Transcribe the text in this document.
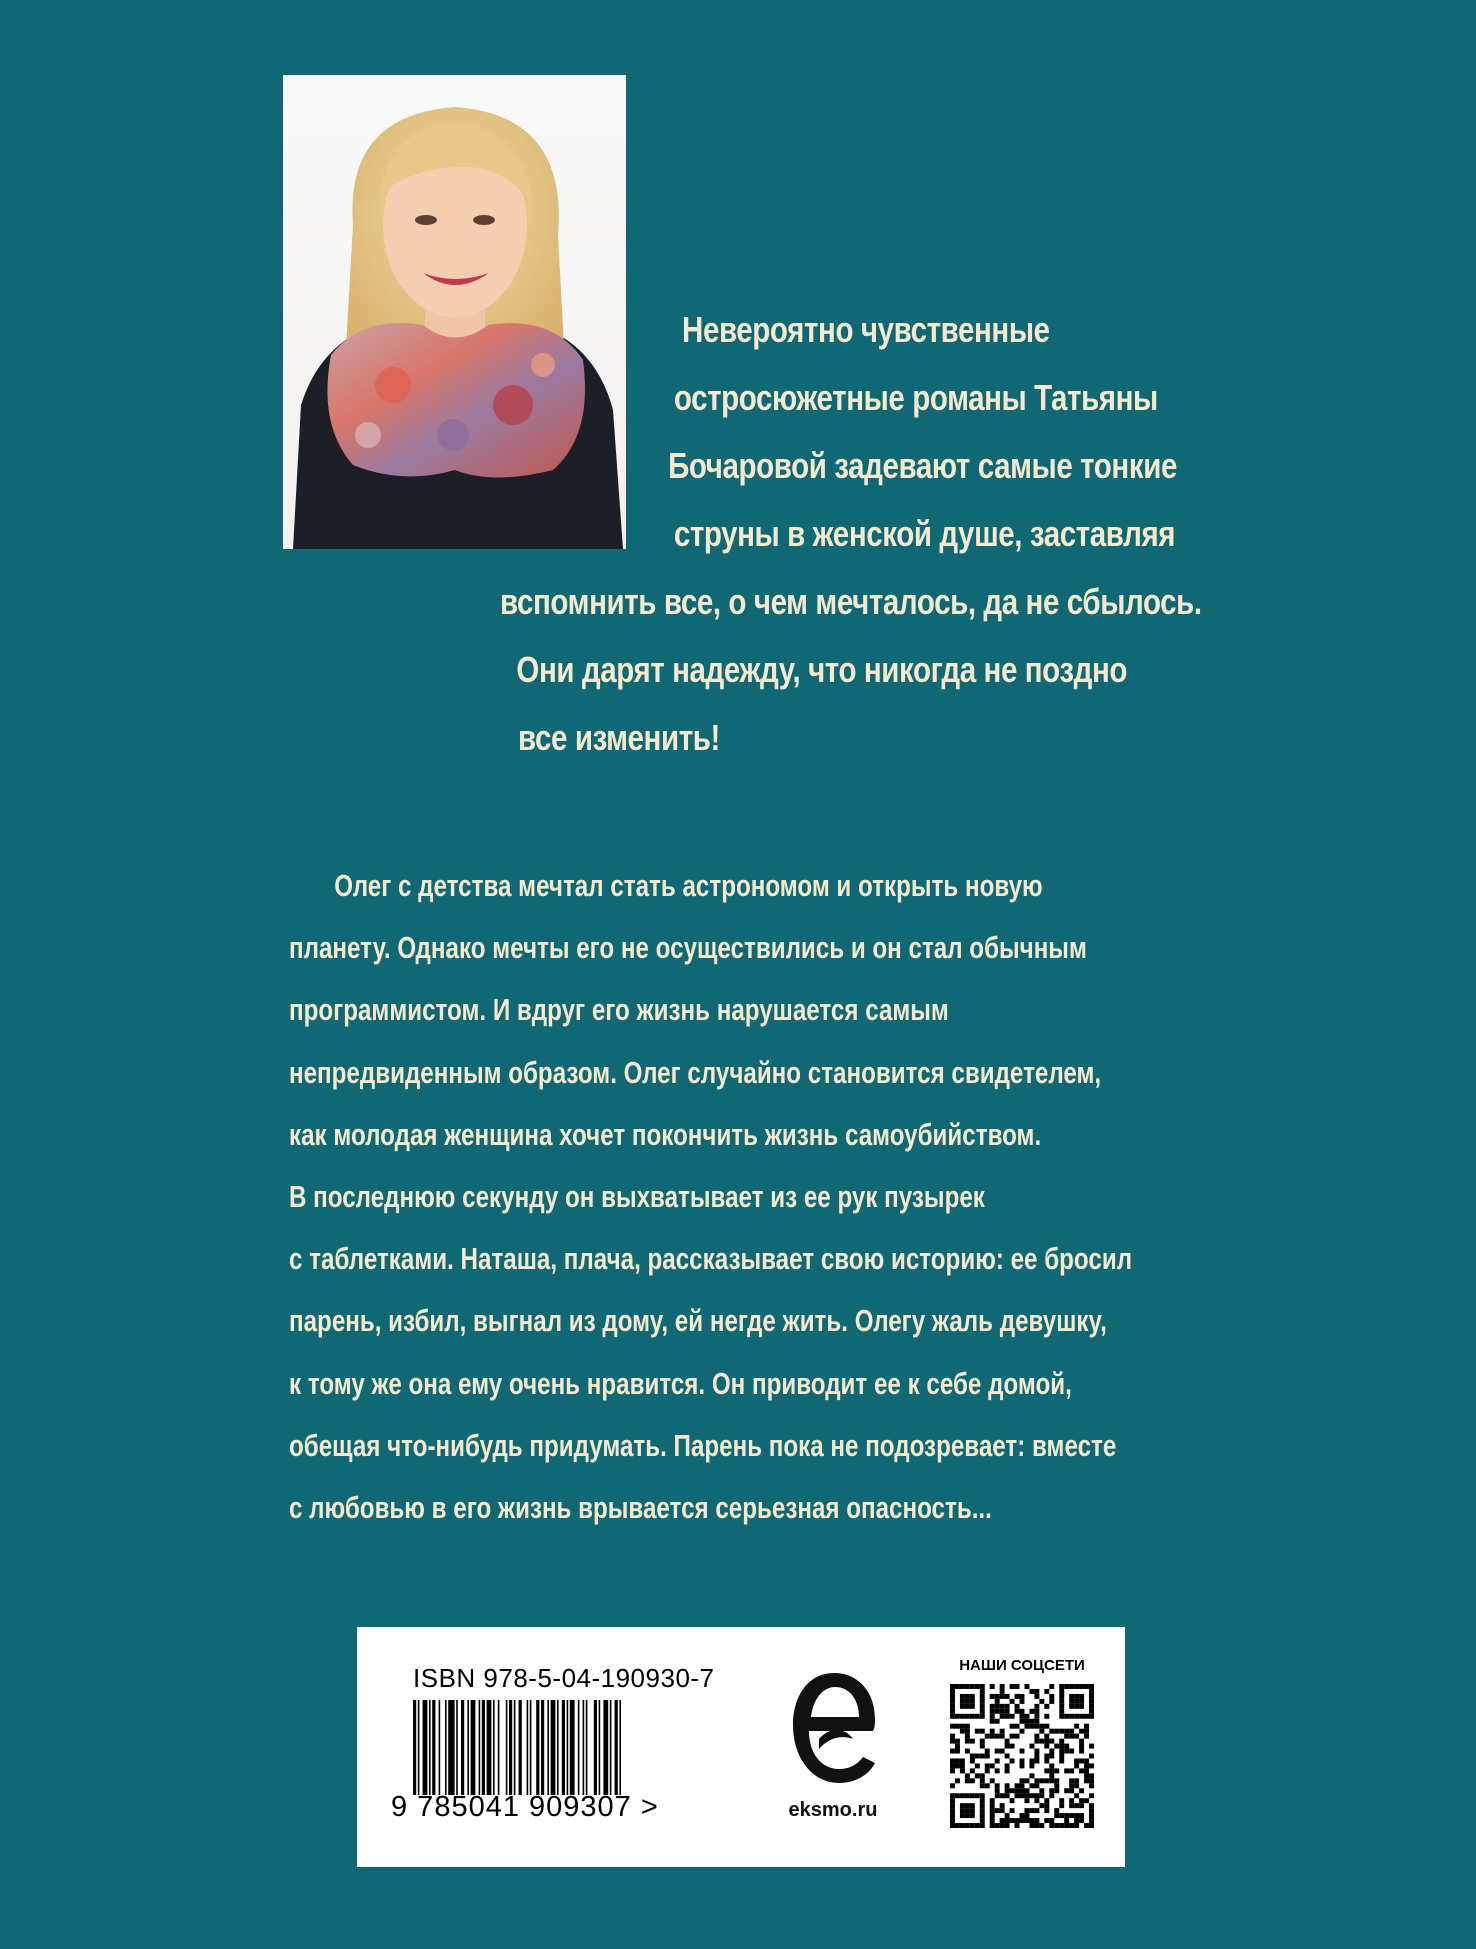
Невероятно чувственные
остросюжетные романы Татьяны
Бочаровой задевают самые тонкие
струны в женской душе, заставляя
вспомнить все, о чем мечталось, да не сбылось.
Они дарят надежду, что никогда не поздно
все изменить!
Олег с детства мечтал стать астрономом и открыть новую
планету. Однако мечты его не осуществились и он стал обычным
программистом. И вдруг его жизнь нарушается самым
непредвиденным образом. Олег случайно становится свидетелем,
как молодая женщина хочет покончить жизнь самоубийством.
В последнюю секунду он выхватывает из ее рук пузырек
с таблетками. Наташа, плача, рассказывает свою историю: ее бросил
парень, избил, выгнал из дому, ей негде жить. Олегу жаль девушку,
к тому же она ему очень нравится. Он приводит ее к себе домой,
обещая что-нибудь придумать. Парень пока не подозревает: вместе
с любовью в его жизнь врывается серьезная опасность...
ISBN 978-5-04-190930-7
9 785041 909307 >	eksmo.ru
НАШИ СОЦСЕТИ
